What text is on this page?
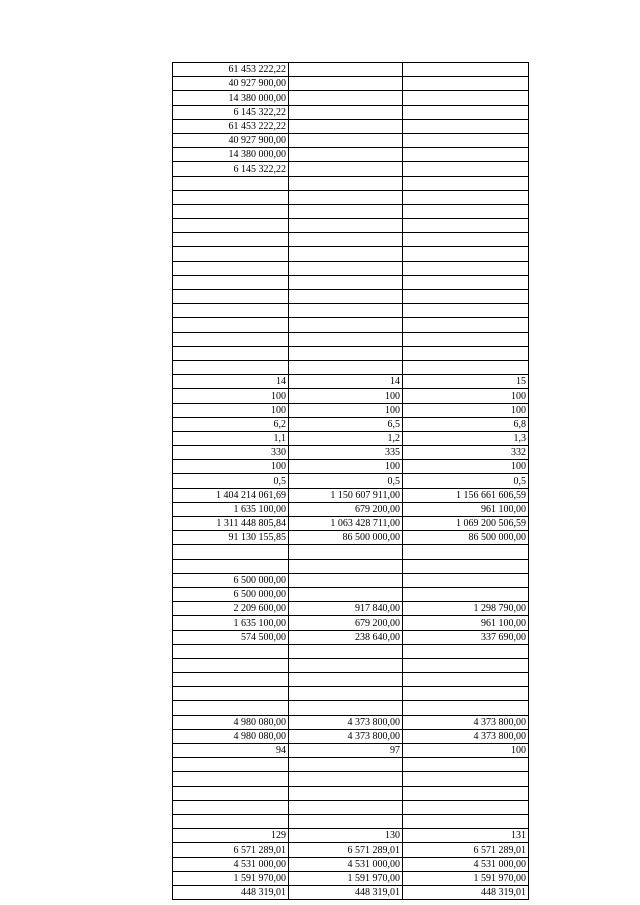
61 453 222,22		
40 927 900,00		
14 380 000,00		
6 145 322,22		
61 453 222,22		
40 927 900,00		
14 380 000,00		
6 145 322,22		

14	14	15
100	100	100
100	100	100
6,2	6,5	6,8
1,1	1,2	1,3
330	335	332
100	100	100
0,5	0,5	0,5
1 404 214 061,69	1 150 607 911,00	1 156 661 606,59
1 635 100,00	679 200,00	961 100,00
1 311 448 805,84	1 063 428 711,00	1 069 200 506,59
91 130 155,85	86 500 000,00	86 500 000,00

6 500 000,00		
6 500 000,00		
2 209 600,00	917 840,00	1 298 790,00
1 635 100,00	679 200,00	961 100,00
574 500,00	238 640,00	337 690,00

4 980 080,00	4 373 800,00	4 373 800,00
4 980 080,00	4 373 800,00	4 373 800,00
94	97	100

129	130	131
6 571 289,01	6 571 289,01	6 571 289,01
4 531 000,00	4 531 000,00	4 531 000,00
1 591 970,00	1 591 970,00	1 591 970,00
448 319,01	448 319,01	448 319,01
